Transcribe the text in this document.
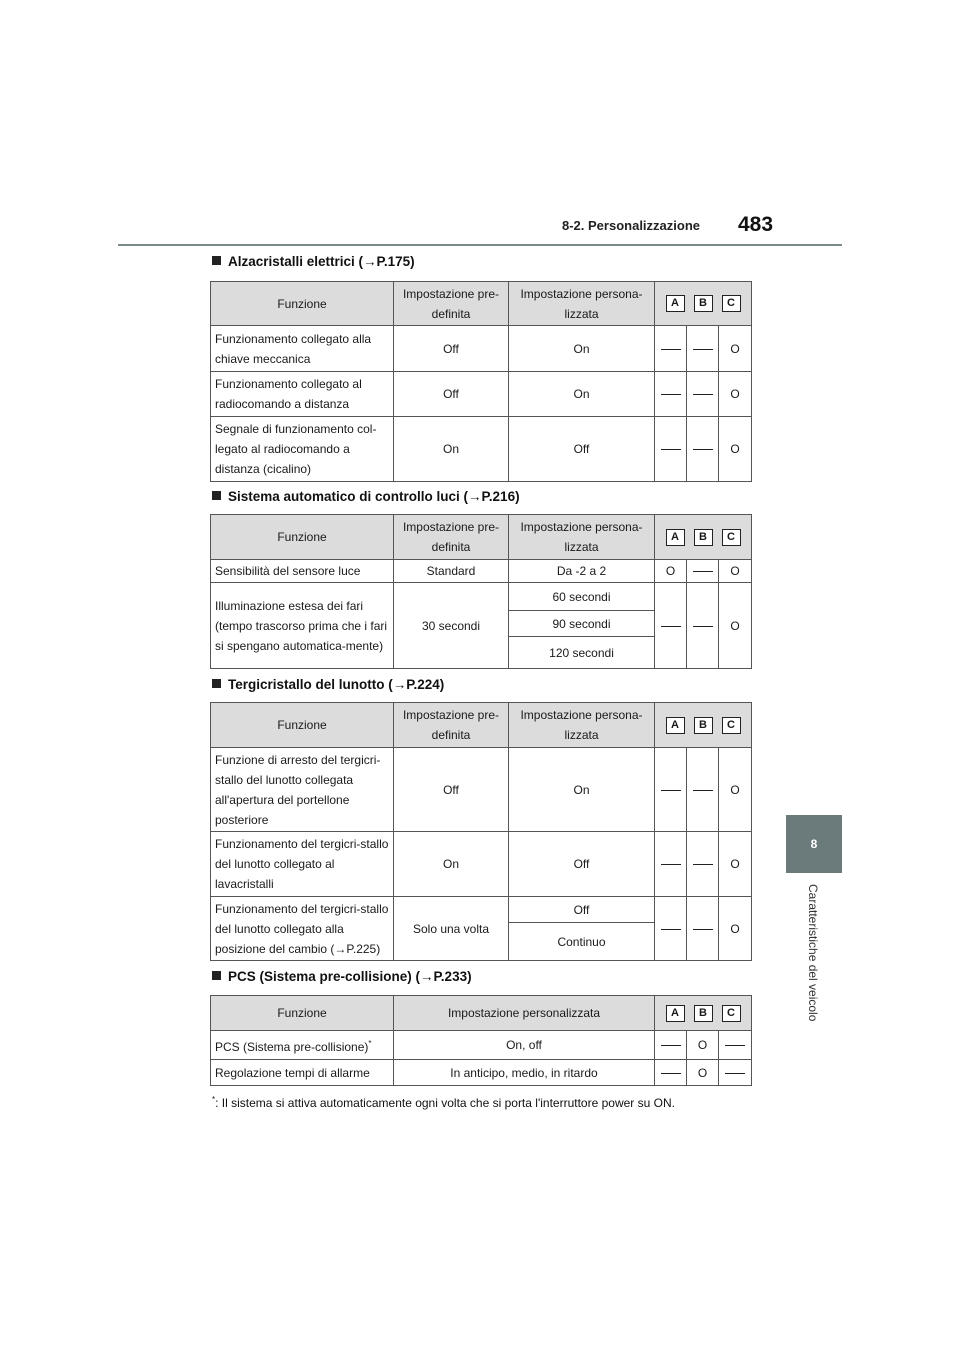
8-2. Personalizzazione 483
8
Caratteristiche del veicolo
Alzacristalli elettrici (→P.175)
Funzione	Impostazione pre-definita	Impostazione persona-lizzata	A B C		

Funzionamento collegato alla chiave meccanica	Off	On			O
Funzionamento collegato al radiocomando a distanza	Off	On			O
Segnale di funzionamento col-legato al radiocomando a distanza (cicalino)	On	Off			O
Sistema automatico di controllo luci (→P.216)
Funzione	Impostazione pre-definita	Impostazione persona-lizzata	A B C		

Sensibilità del sensore luce	Standard	Da -2 a 2	O		O
Illuminazione estesa dei fari (tempo trascorso prima che i fari si spengano automatica-mente)	30 secondi	60 secondi			O
		90 secondi			
		120 secondi			
Tergicristallo del lunotto (→P.224)
Funzione	Impostazione pre-definita	Impostazione persona-lizzata	A B C		

Funzione di arresto del tergicri-stallo del lunotto collegata all'apertura del portellone posteriore	Off	On			O
Funzionamento del tergicri-stallo del lunotto collegato al lavacristalli	On	Off			O
Funzionamento del tergicri-stallo del lunotto collegato alla posizione del cambio (→P.225)	Solo una volta	Off			O
		Continuo			
PCS (Sistema pre-collisione) (→P.233)
Funzione	Impostazione personalizzata	A B C		

PCS (Sistema pre-collisione)*	On, off		O	
Regolazione tempi di allarme	In anticipo, medio, in ritardo		O	
*: Il sistema si attiva automaticamente ogni volta che si porta l'interruttore power su ON.
